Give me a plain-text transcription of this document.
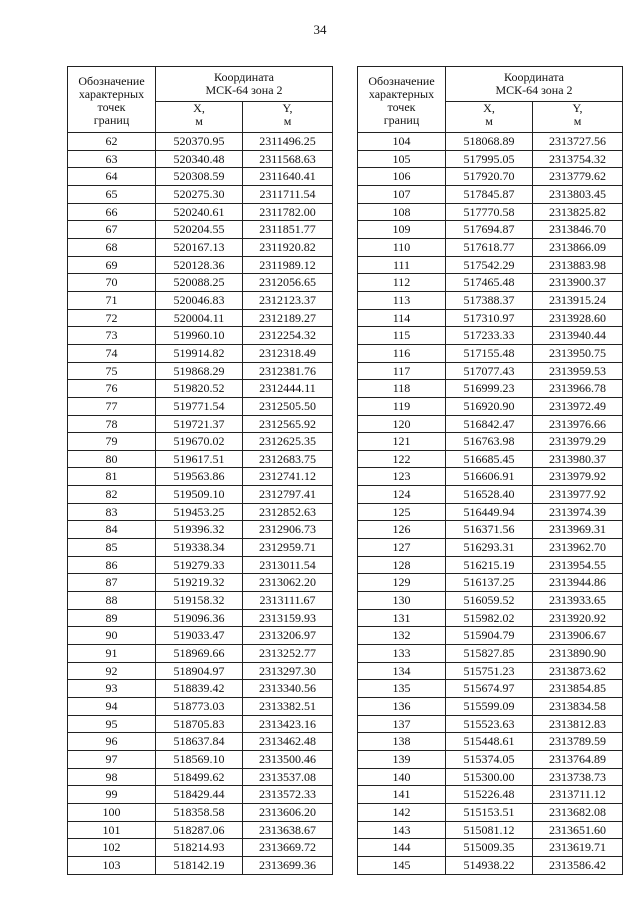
34
Обозначение
характерных
точек
границ	Координата
МСК-64 зона 2	

	X,
м	Y,
м

62	520370.95	2311496.25
63	520340.48	2311568.63
64	520308.59	2311640.41
65	520275.30	2311711.54
66	520240.61	2311782.00
67	520204.55	2311851.77
68	520167.13	2311920.82
69	520128.36	2311989.12
70	520088.25	2312056.65
71	520046.83	2312123.37
72	520004.11	2312189.27
73	519960.10	2312254.32
74	519914.82	2312318.49
75	519868.29	2312381.76
76	519820.52	2312444.11
77	519771.54	2312505.50
78	519721.37	2312565.92
79	519670.02	2312625.35
80	519617.51	2312683.75
81	519563.86	2312741.12
82	519509.10	2312797.41
83	519453.25	2312852.63
84	519396.32	2312906.73
85	519338.34	2312959.71
86	519279.33	2313011.54
87	519219.32	2313062.20
88	519158.32	2313111.67
89	519096.36	2313159.93
90	519033.47	2313206.97
91	518969.66	2313252.77
92	518904.97	2313297.30
93	518839.42	2313340.56
94	518773.03	2313382.51
95	518705.83	2313423.16
96	518637.84	2313462.48
97	518569.10	2313500.46
98	518499.62	2313537.08
99	518429.44	2313572.33
100	518358.58	2313606.20
101	518287.06	2313638.67
102	518214.93	2313669.72
103	518142.19	2313699.36
Обозначение
характерных
точек
границ	Координата
МСК-64 зона 2	

	X,
м	Y,
м

104	518068.89	2313727.56
105	517995.05	2313754.32
106	517920.70	2313779.62
107	517845.87	2313803.45
108	517770.58	2313825.82
109	517694.87	2313846.70
110	517618.77	2313866.09
111	517542.29	2313883.98
112	517465.48	2313900.37
113	517388.37	2313915.24
114	517310.97	2313928.60
115	517233.33	2313940.44
116	517155.48	2313950.75
117	517077.43	2313959.53
118	516999.23	2313966.78
119	516920.90	2313972.49
120	516842.47	2313976.66
121	516763.98	2313979.29
122	516685.45	2313980.37
123	516606.91	2313979.92
124	516528.40	2313977.92
125	516449.94	2313974.39
126	516371.56	2313969.31
127	516293.31	2313962.70
128	516215.19	2313954.55
129	516137.25	2313944.86
130	516059.52	2313933.65
131	515982.02	2313920.92
132	515904.79	2313906.67
133	515827.85	2313890.90
134	515751.23	2313873.62
135	515674.97	2313854.85
136	515599.09	2313834.58
137	515523.63	2313812.83
138	515448.61	2313789.59
139	515374.05	2313764.89
140	515300.00	2313738.73
141	515226.48	2313711.12
142	515153.51	2313682.08
143	515081.12	2313651.60
144	515009.35	2313619.71
145	514938.22	2313586.42
